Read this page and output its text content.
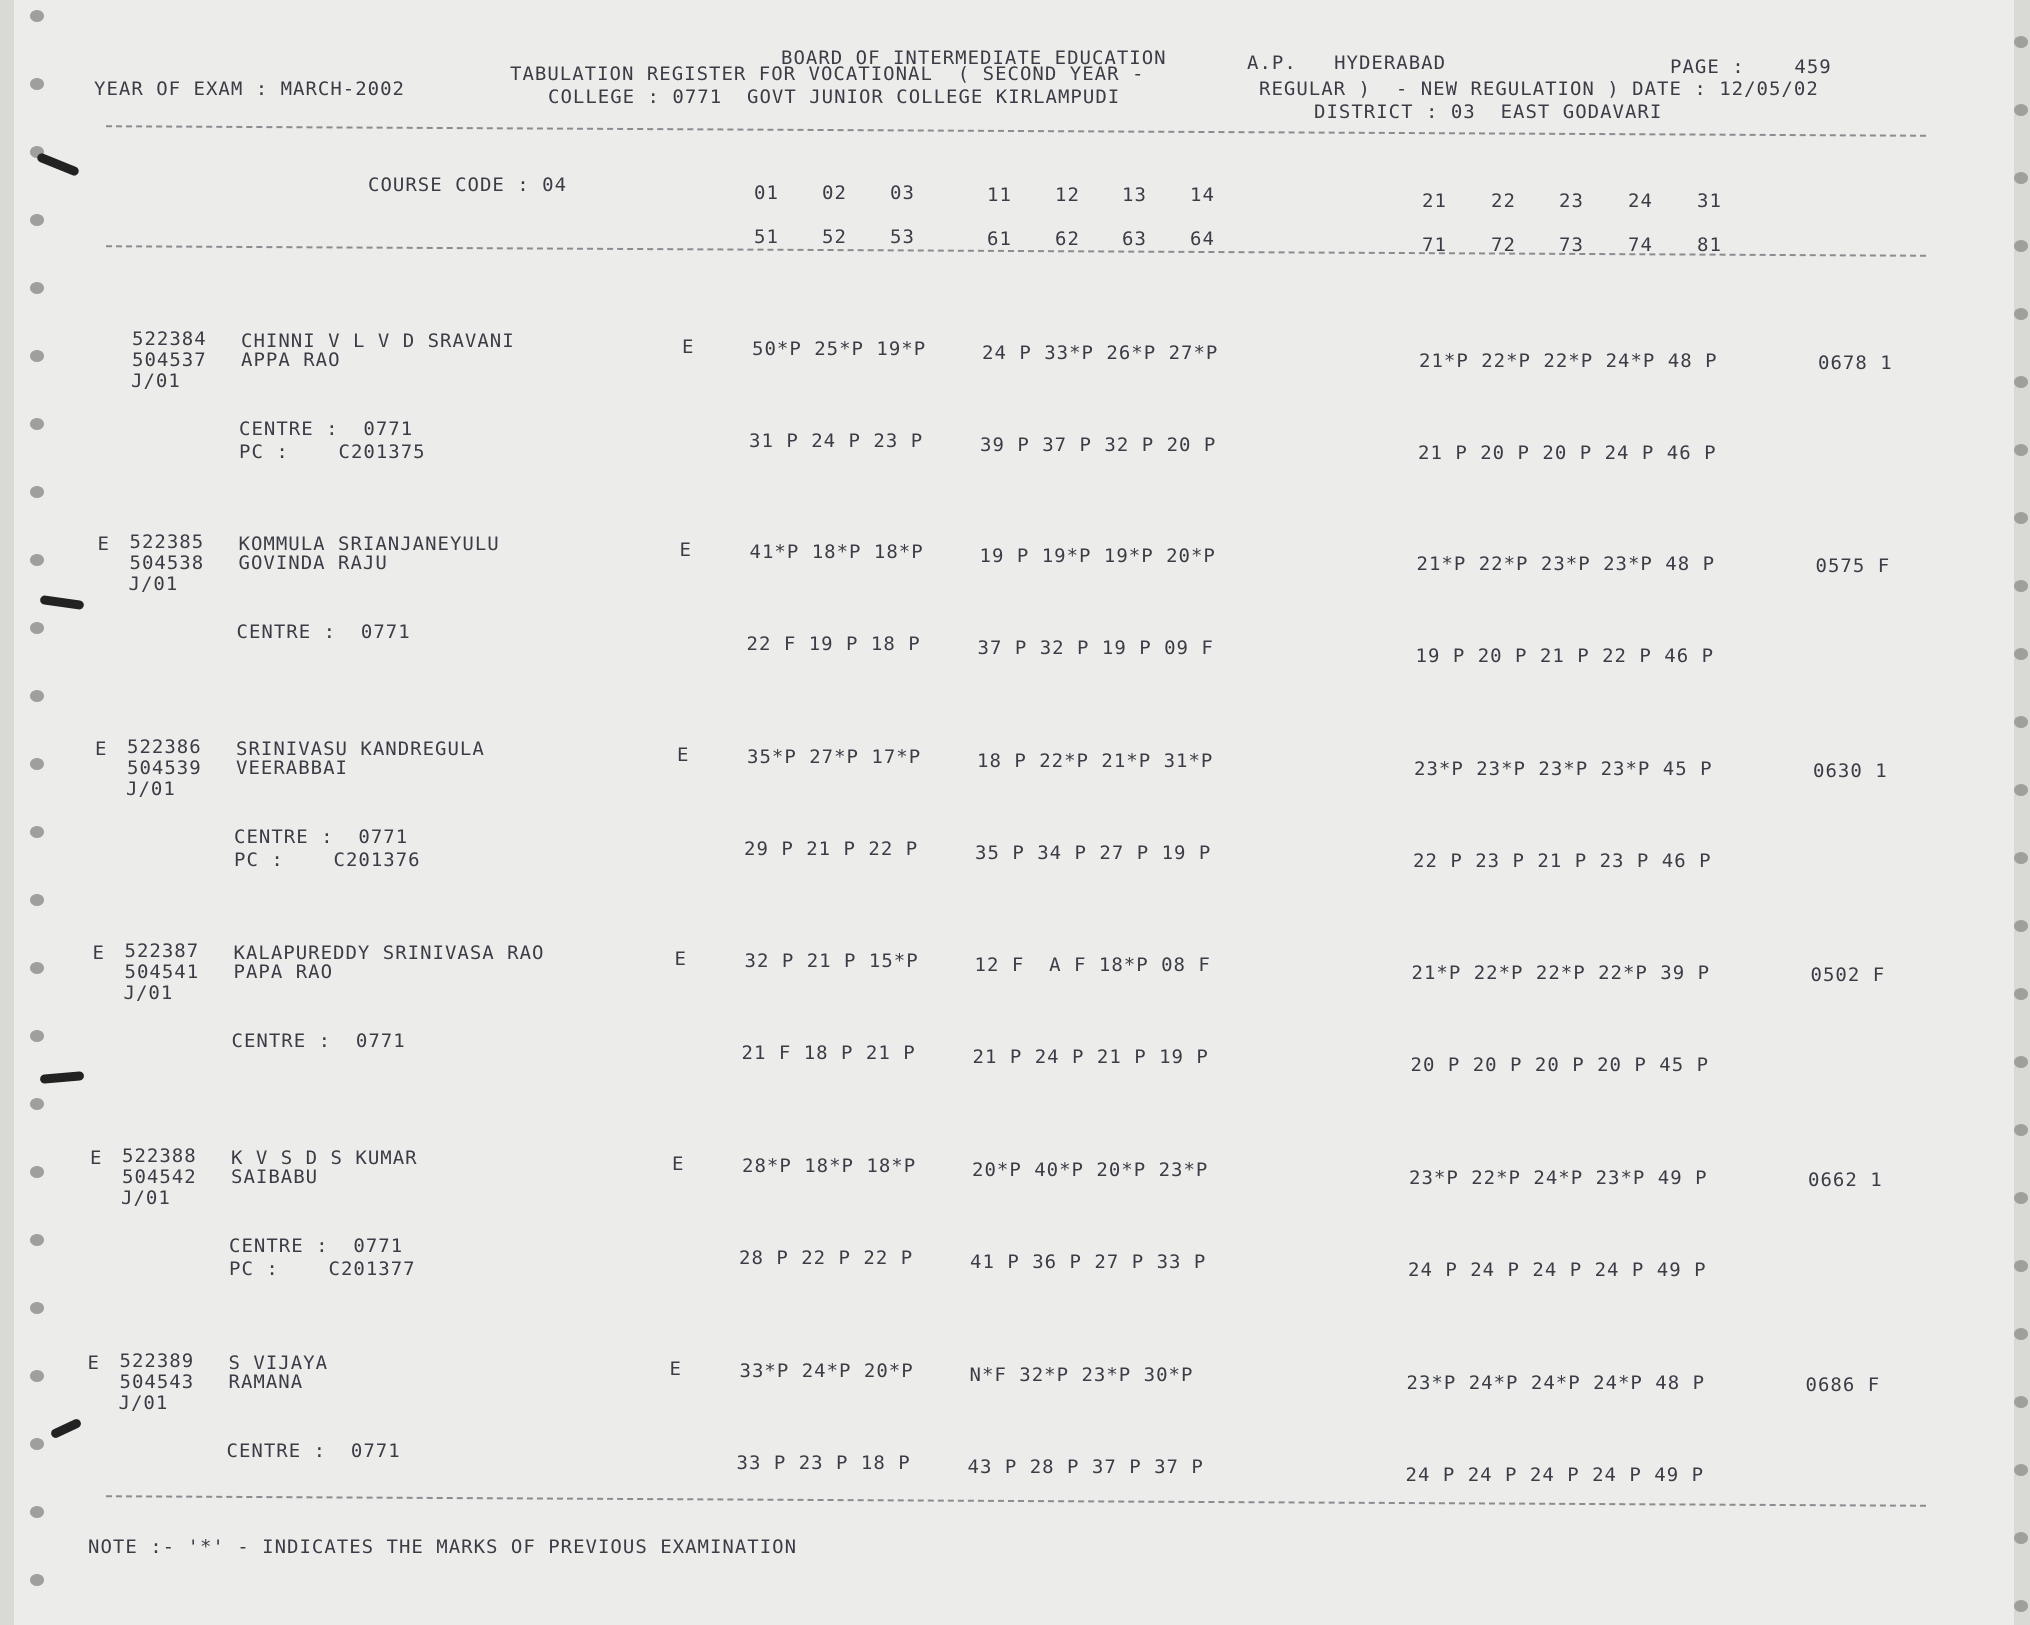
YEAR OF EXAM : MARCH-2002
BOARD OF INTERMEDIATE EDUCATION	A.P.   HYDERABAD	PAGE :    459
TABULATION REGISTER FOR VOCATIONAL  ( SECOND YEAR -
REGULAR )  - NEW REGULATION ) DATE : 12/05/02
COLLEGE : 0771  GOVT JUNIOR COLLEGE KIRLAMPUDI
DISTRICT : 03  EAST GODAVARI
COURSE CODE : 04	01 02 03	11 12 13 14	21 22 23 24 31
51 52 53	61 62 63 64	71 72 73 74 81
522384 CHINNI V L V D SRAVANI
504537 APPA RAO
J/01
E	50*P 25*P 19*P	24 P 33*P 26*P 27*P	21*P 22*P 22*P 24*P 48 P	0678 1
CENTRE :  0771
PC :    C201375	31 P 24 P 23 P	39 P 37 P 32 P 20 P	21 P 20 P 20 P 24 P 46 P
E 522385 KOMMULA SRIANJANEYULU
504538 GOVINDA RAJU
J/01
E	41*P 18*P 18*P	19 P 19*P 19*P 20*P	21*P 22*P 23*P 23*P 48 P	0575 F
CENTRE :  0771
22 F 19 P 18 P	37 P 32 P 19 P 09 F	19 P 20 P 21 P 22 P 46 P
E 522386 SRINIVASU KANDREGULA
504539 VEERABBAI
J/01
E	35*P 27*P 17*P	18 P 22*P 21*P 31*P	23*P 23*P 23*P 23*P 45 P	0630 1
CENTRE :  0771
PC :    C201376	29 P 21 P 22 P	35 P 34 P 27 P 19 P	22 P 23 P 21 P 23 P 46 P
E 522387 KALAPUREDDY SRINIVASA RAO
504541 PAPA RAO
J/01
E	32 P 21 P 15*P	12 F  A F 18*P 08 F	21*P 22*P 22*P 22*P 39 P	0502 F
CENTRE :  0771
21 F 18 P 21 P	21 P 24 P 21 P 19 P	20 P 20 P 20 P 20 P 45 P
E 522388 K V S D S KUMAR
504542 SAIBABU
J/01
E	28*P 18*P 18*P	20*P 40*P 20*P 23*P	23*P 22*P 24*P 23*P 49 P	0662 1
CENTRE :  0771
PC :    C201377	28 P 22 P 22 P	41 P 36 P 27 P 33 P	24 P 24 P 24 P 24 P 49 P
E 522389 S VIJAYA
504543 RAMANA
J/01
E	33*P 24*P 20*P	N*F 32*P 23*P 30*P	23*P 24*P 24*P 24*P 48 P	0686 F
CENTRE :  0771
33 P 23 P 18 P	43 P 28 P 37 P 37 P	24 P 24 P 24 P 24 P 49 P
NOTE :- '*' - INDICATES THE MARKS OF PREVIOUS EXAMINATION
